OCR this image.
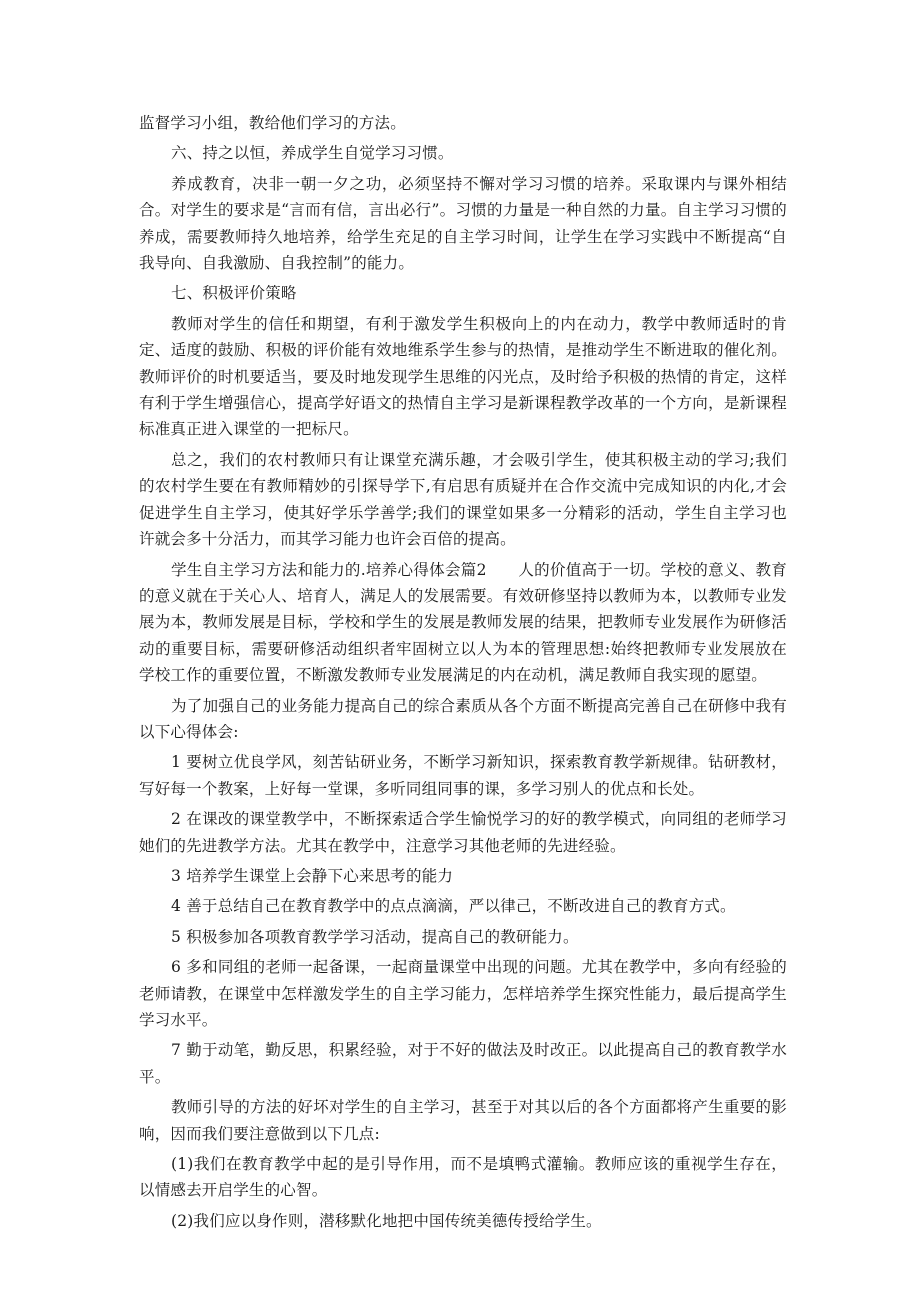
监督学习小组，教给他们学习的方法。

六、持之以恒，养成学生自觉学习习惯。

养成教育，决非一朝一夕之功，必须坚持不懈对学习习惯的培养。采取课内与课外相结合。对学生的要求是“言而有信，言出必行”。习惯的力量是一种自然的力量。自主学习习惯的养成，需要教师持久地培养，给学生充足的自主学习时间，让学生在学习实践中不断提高“自我导向、自我激励、自我控制”的能力。

七、积极评价策略

教师对学生的信任和期望，有利于激发学生积极向上的内在动力，教学中教师适时的肯定、适度的鼓励、积极的评价能有效地维系学生参与的热情，是推动学生不断进取的催化剂。教师评价的时机要适当，要及时地发现学生思维的闪光点，及时给予积极的热情的肯定，这样有利于学生增强信心，提高学好语文的热情自主学习是新课程教学改革的一个方向，是新课程标准真正进入课堂的一把标尺。

总之，我们的农村教师只有让课堂充满乐趣，才会吸引学生，使其积极主动的学习;我们的农村学生要在有教师精妙的引探导学下,有启思有质疑并在合作交流中完成知识的内化,才会促进学生自主学习，使其好学乐学善学;我们的课堂如果多一分精彩的活动，学生自主学习也许就会多十分活力，而其学习能力也许会百倍的提高。

学生自主学习方法和能力的.培养心得体会篇2　　人的价值高于一切。学校的意义、教育的意义就在于关心人、培育人，满足人的发展需要。有效研修坚持以教师为本，以教师专业发展为本，教师发展是目标，学校和学生的发展是教师发展的结果，把教师专业发展作为研修活动的重要目标，需要研修活动组织者牢固树立以人为本的管理思想:始终把教师专业发展放在学校工作的重要位置，不断激发教师专业发展满足的内在动机，满足教师自我实现的愿望。

为了加强自己的业务能力提高自己的综合素质从各个方面不断提高完善自己在研修中我有以下心得体会:

1 要树立优良学风，刻苦钻研业务，不断学习新知识，探索教育教学新规律。钻研教材，写好每一个教案，上好每一堂课，多听同组同事的课，多学习别人的优点和长处。

2 在课改的课堂教学中，不断探索适合学生愉悦学习的好的教学模式，向同组的老师学习她们的先进教学方法。尤其在教学中，注意学习其他老师的先进经验。

3 培养学生课堂上会静下心来思考的能力

4 善于总结自己在教育教学中的点点滴滴，严以律己，不断改进自己的教育方式。

5 积极参加各项教育教学学习活动，提高自己的教研能力。

6 多和同组的老师一起备课，一起商量课堂中出现的问题。尤其在教学中，多向有经验的老师请教，在课堂中怎样激发学生的自主学习能力，怎样培养学生探究性能力，最后提高学生学习水平。

7 勤于动笔，勤反思，积累经验，对于不好的做法及时改正。以此提高自己的教育教学水平。

教师引导的方法的好坏对学生的自主学习，甚至于对其以后的各个方面都将产生重要的影响，因而我们要注意做到以下几点:

(1)我们在教育教学中起的是引导作用，而不是填鸭式灌输。教师应该的重视学生存在，以情感去开启学生的心智。

(2)我们应以身作则，潜移默化地把中国传统美德传授给学生。
